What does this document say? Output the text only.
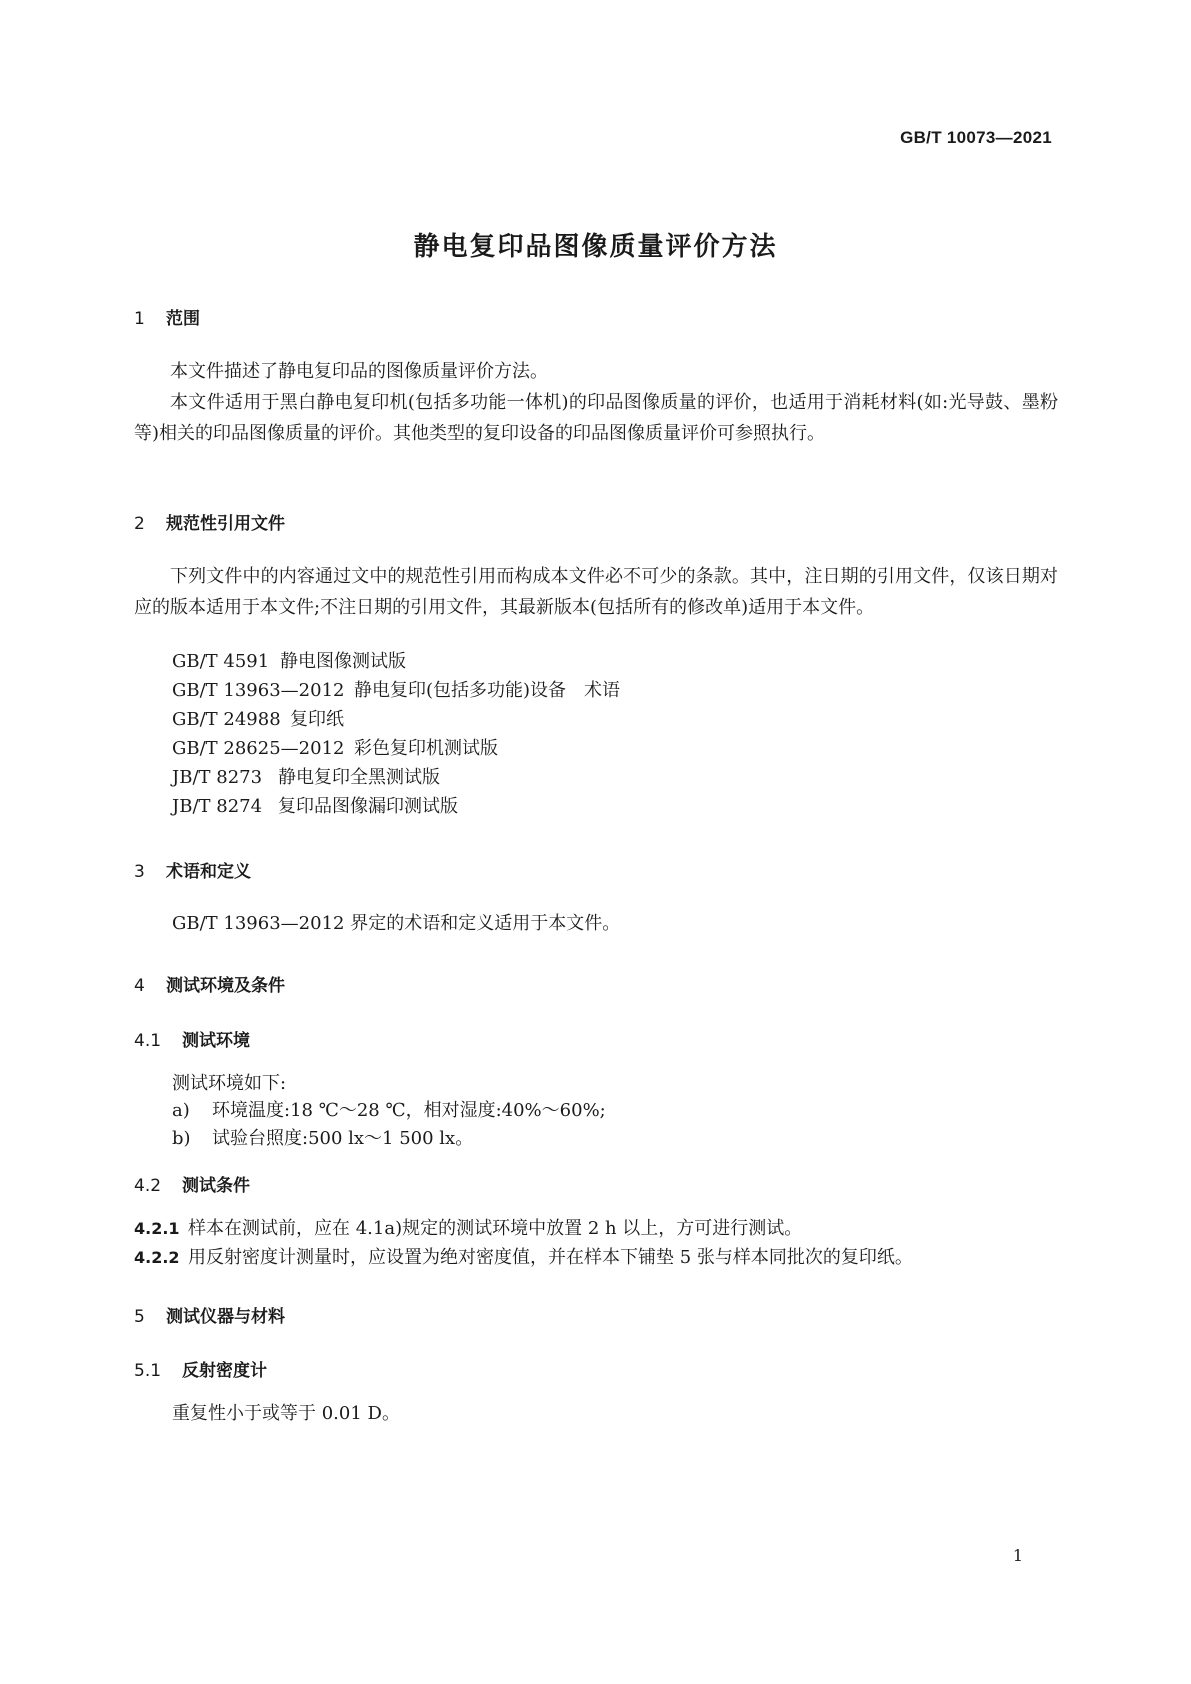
GB/T 10073—2021
静电复印品图像质量评价方法
1 范围
本文件描述了静电复印品的图像质量评价方法。
本文件适用于黑白静电复印机(包括多功能一体机)的印品图像质量的评价，也适用于消耗材料(如:光导鼓、墨粉等)相关的印品图像质量的评价。其他类型的复印设备的印品图像质量评价可参照执行。
2 规范性引用文件
下列文件中的内容通过文中的规范性引用而构成本文件必不可少的条款。其中，注日期的引用文件，仅该日期对应的版本适用于本文件;不注日期的引用文件，其最新版本(包括所有的修改单)适用于本文件。
GB/T 4591 静电图像测试版
GB/T 13963—2012 静电复印(包括多功能)设备　术语
GB/T 24988 复印纸
GB/T 28625—2012 彩色复印机测试版
JB/T 8273 静电复印全黑测试版
JB/T 8274 复印品图像漏印测试版
3 术语和定义
GB/T 13963—2012 界定的术语和定义适用于本文件。
4 测试环境及条件
4.1 测试环境
测试环境如下:
a) 环境温度:18 ℃～28 ℃，相对湿度:40%～60%;
b) 试验台照度:500 lx～1 500 lx。
4.2 测试条件
4.2.1 样本在测试前，应在 4.1a)规定的测试环境中放置 2 h 以上，方可进行测试。
4.2.2 用反射密度计测量时，应设置为绝对密度值，并在样本下铺垫 5 张与样本同批次的复印纸。
5 测试仪器与材料
5.1 反射密度计
重复性小于或等于 0.01 D。
1
